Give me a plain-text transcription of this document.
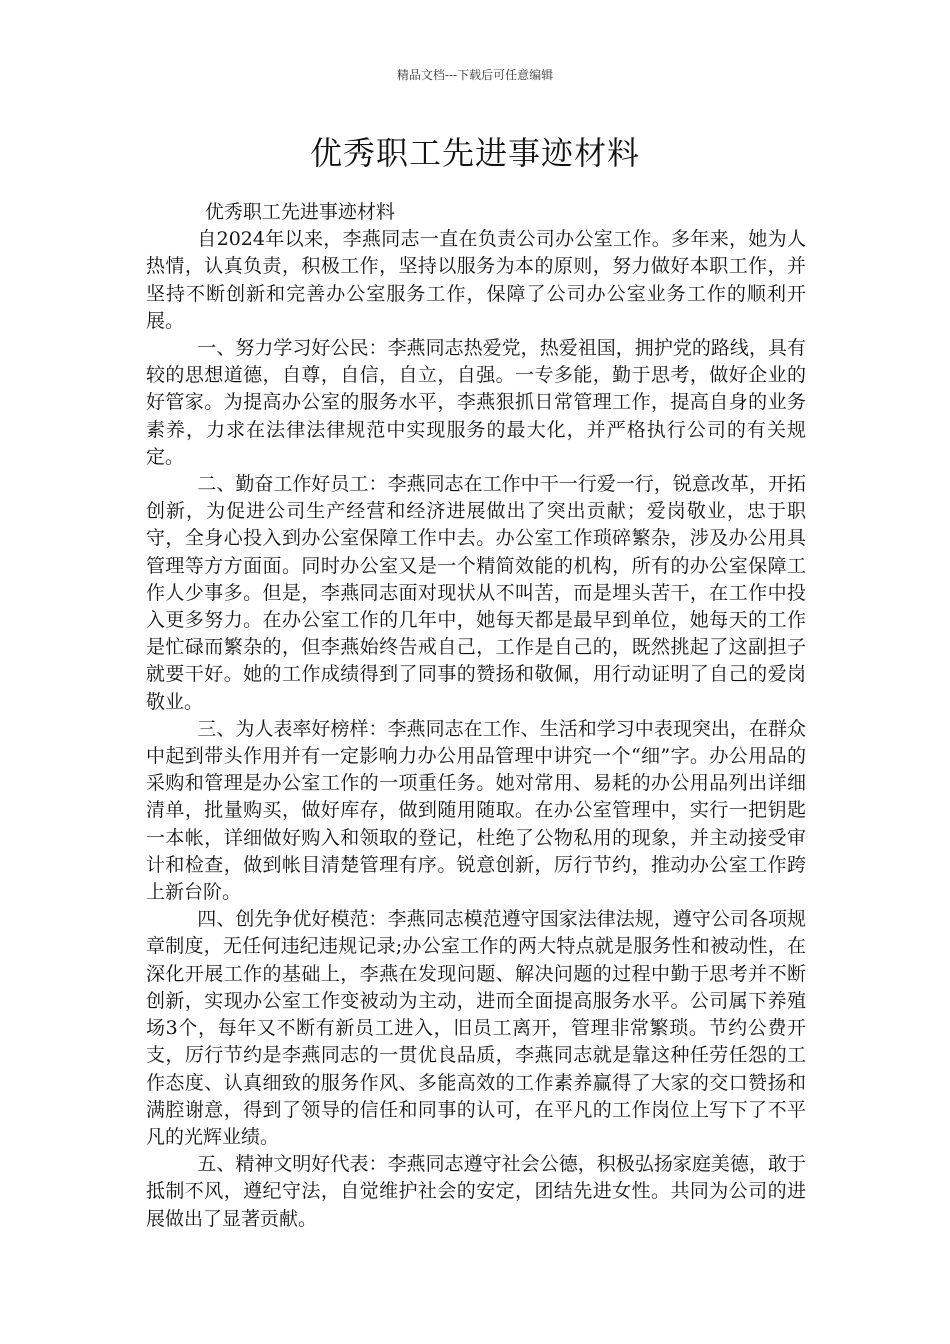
精品文档---下载后可任意编辑
优秀职工先进事迹材料

优秀职工先进事迹材料

自2024年以来，李燕同志一直在负责公司办公室工作。多年来，她为人热情，认真负责，积极工作，坚持以服务为本的原则，努力做好本职工作，并坚持不断创新和完善办公室服务工作，保障了公司办公室业务工作的顺利开展。

一、努力学习好公民：李燕同志热爱党，热爱祖国，拥护党的路线，具有较的思想道德，自尊，自信，自立，自强。一专多能，勤于思考，做好企业的好管家。为提高办公室的服务水平，李燕狠抓日常管理工作，提高自身的业务素养，力求在法律法律规范中实现服务的最大化，并严格执行公司的有关规定。

二、勤奋工作好员工：李燕同志在工作中干一行爱一行，锐意改革，开拓创新，为促进公司生产经营和经济进展做出了突出贡献；爱岗敬业，忠于职守，全身心投入到办公室保障工作中去。办公室工作琐碎繁杂，涉及办公用具管理等方方面面。同时办公室又是一个精简效能的机构，所有的办公室保障工作人少事多。但是，李燕同志面对现状从不叫苦，而是埋头苦干，在工作中投入更多努力。在办公室工作的几年中，她每天都是最早到单位，她每天的工作是忙碌而繁杂的，但李燕始终告戒自己，工作是自己的，既然挑起了这副担子就要干好。她的工作成绩得到了同事的赞扬和敬佩，用行动证明了自己的爱岗敬业。

三、为人表率好榜样：李燕同志在工作、生活和学习中表现突出，在群众中起到带头作用并有一定影响力办公用品管理中讲究一个“细”字。办公用品的采购和管理是办公室工作的一项重任务。她对常用、易耗的办公用品列出详细清单，批量购买，做好库存，做到随用随取。在办公室管理中，实行一把钥匙一本帐，详细做好购入和领取的登记，杜绝了公物私用的现象，并主动接受审计和检查，做到帐目清楚管理有序。锐意创新，厉行节约，推动办公室工作跨上新台阶。

四、创先争优好模范：李燕同志模范遵守国家法律法规，遵守公司各项规章制度，无任何违纪违规记录;办公室工作的两大特点就是服务性和被动性，在深化开展工作的基础上，李燕在发现问题、解决问题的过程中勤于思考并不断创新，实现办公室工作变被动为主动，进而全面提高服务水平。公司属下养殖场3个，每年又不断有新员工进入，旧员工离开，管理非常繁琐。节约公费开支，厉行节约是李燕同志的一贯优良品质，李燕同志就是靠这种任劳任怨的工作态度、认真细致的服务作风、多能高效的工作素养赢得了大家的交口赞扬和满腔谢意，得到了领导的信任和同事的认可，在平凡的工作岗位上写下了不平凡的光辉业绩。

五、精神文明好代表：李燕同志遵守社会公德，积极弘扬家庭美德，敢于抵制不风，遵纪守法，自觉维护社会的安定，团结先进女性。共同为公司的进展做出了显著贡献。
